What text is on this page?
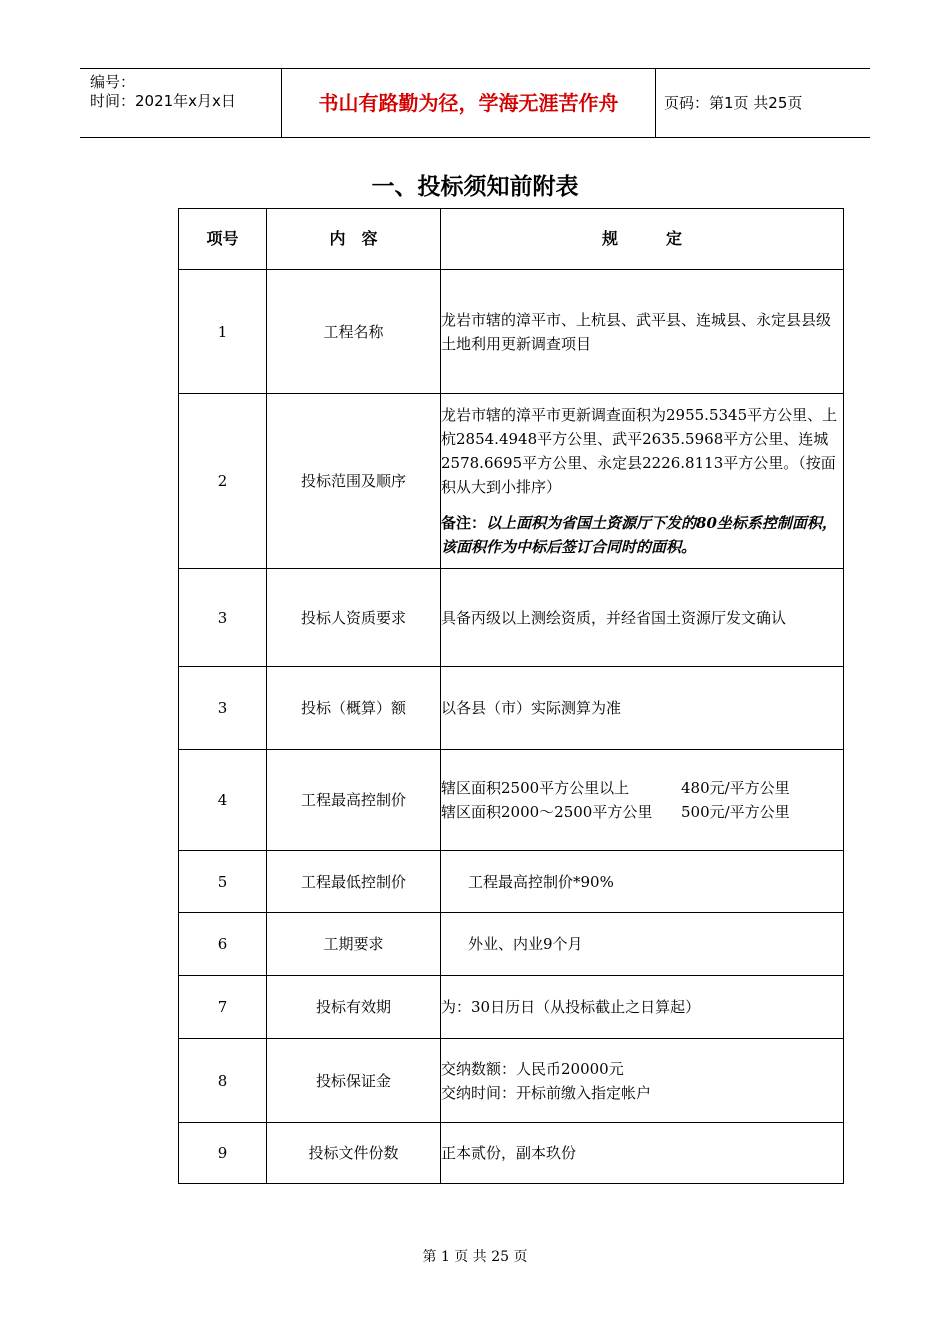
编号：
时间：2021年x月x日	书山有路勤为径，学海无涯苦作舟	页码：第1页 共25页
一、投标须知前附表
项号	内　容	规　　　定
1	工程名称	龙岩市辖的漳平市、上杭县、武平县、连城县、永定县县级土地利用更新调查项目
2	投标范围及顺序	龙岩市辖的漳平市更新调查面积为2955.5345平方公里、上杭2854.4948平方公里、武平2635.5968平方公里、连城2578.6695平方公里、永定县2226.8113平方公里。（按面积从大到小排序）
备注：以上面积为省国土资源厅下发的80坐标系控制面积，该面积作为中标后签订合同时的面积。

3	投标人资质要求	具备丙级以上测绘资质，并经省国土资源厅发文确认
3	投标（概算）额	以各县（市）实际测算为准
4	工程最高控制价	辖区面积2500平方公里以上 480元/平方公里
辖区面积2000～2500平方公里 500元/平方公里

5	工程最低控制价	工程最高控制价*90%
6	工期要求	外业、内业9个月
7	投标有效期	为：30日历日（从投标截止之日算起）
8	投标保证金	交纳数额：人民币20000元
交纳时间：开标前缴入指定帐户

9	投标文件份数	正本贰份，副本玖份
第 1 页 共 25 页
